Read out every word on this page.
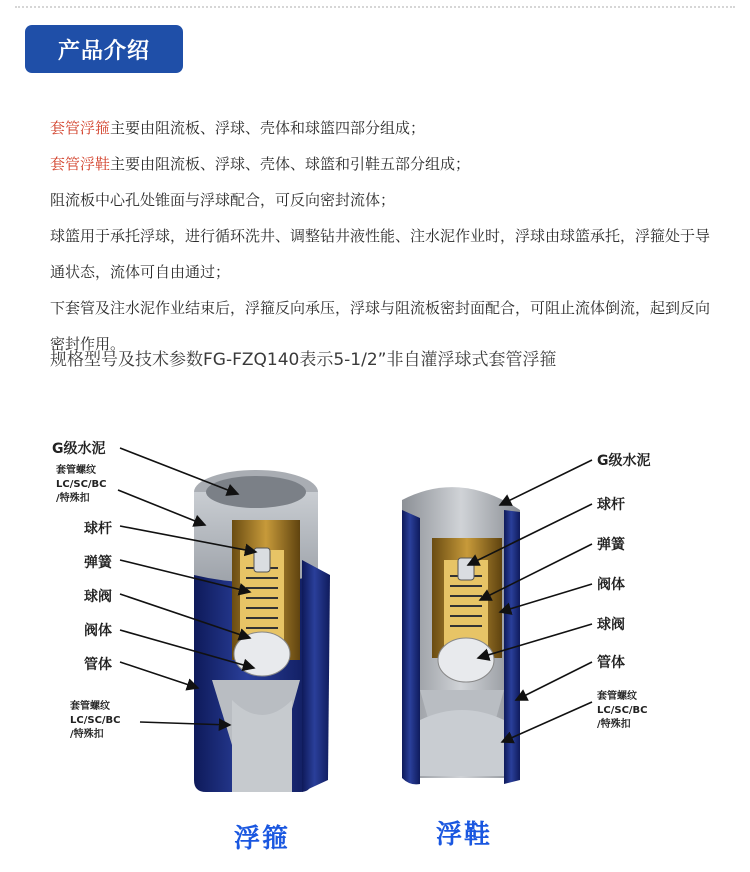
产品介绍

套管浮箍主要由阻流板、浮球、壳体和球篮四部分组成；

套管浮鞋主要由阻流板、浮球、壳体、球篮和引鞋五部分组成；

阻流板中心孔处锥面与浮球配合，可反向密封流体；

球篮用于承托浮球，进行循环洗井、调整钻井液性能、注水泥作业时，浮球由球篮承托，浮箍处于导通状态，流体可自由通过；

下套管及注水泥作业结束后，浮箍反向承压，浮球与阻流板密封面配合，可阻止流体倒流，起到反向密封作用。

规格型号及技术参数FG-FZQ140表示5-1/2”非自灌浮球式套管浮箍
G级水泥
套管螺纹
LC/SC/BC
/特殊扣
球杆
弹簧
球阀
阀体
管体
套管螺纹
LC/SC/BC
/特殊扣
G级水泥
球杆
弹簧
阀体
球阀
管体
套管螺纹
LC/SC/BC
/特殊扣
浮箍	浮鞋
